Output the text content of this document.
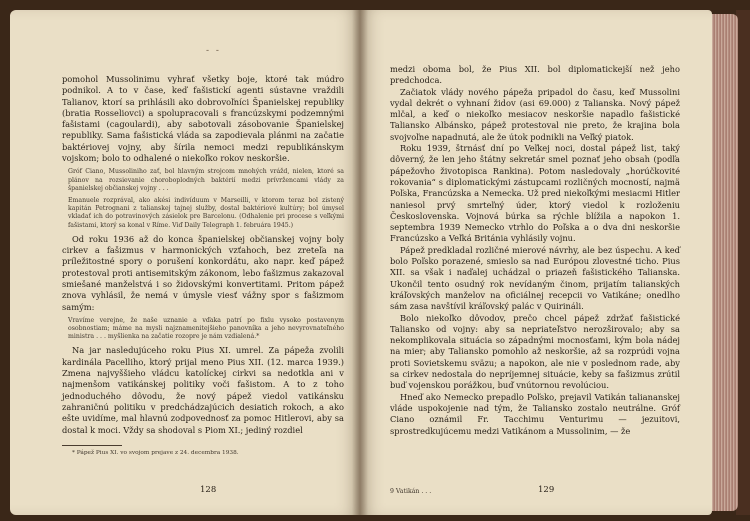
- -

pomohol Mussolinimu vyhrať všetky boje, ktoré tak múdro podnikol. A to v čase, keď fašistickí agenti sústavne vraždili Talianov, ktorí sa prihlásili ako dobrovoľníci Španielskej republiky (bratia Rosseliovci) a spolupracovali s francúzskymi podzemnými fašistami (cagoulardi), aby sabotovali zásobovanie Španielskej republiky. Sama fašistická vláda sa zapodievala plánmi na začatie baktériovej vojny, aby šírila nemoci medzi republikánskym vojskom; bolo to odhalené o niekoľko rokov neskoršie.

Gróf Ciano, Mussoliniho zať, bol hlavným strojcom mnohých vrážd, nielen, ktoré sa plánov na rozsievanie choroboplodných baktérií medzi prívržencami vlády za španielskej občianskej vojny . . .

Emanuele rozprával, ako akési indivíduum v Marseilli, v ktorom teraz bol zistený kapitán Petrognani z talianskej tajnej služby, dostal baktériové kultúry; bol úmysel vkladať ich do potravinových zásielok pre Barcelonu. (Odhalenie pri procese s veľkými fašistami, ktorý sa konal v Ríme. Viď Daily Telegraph 1. februára 1945.)

Od roku 1936 až do konca španielskej občianskej vojny boly cirkev a fašizmus v harmonických vzťahoch, bez zreteľa na príležitostné spory o porušení konkordátu, ako napr. keď pápež protestoval proti antisemitským zákonom, lebo fašizmus zakazoval smiešané manželstvá i so židovskými konvertitami. Pritom pápež znova vyhlásil, že nemá v úmysle viesť vážny spor s fašizmom samým:

Vravíme verejne, že naše uznanie a vďaka patrí po fixlu vysoko postavenym osobnostiam; máme na mysli najznamenitejšieho panovníka a jeho nevyrovnateľného ministra . . . myšlienka na začatie rozopre je nám vzdialená.*

Na jar nasledujúceho roku Pius XI. umrel. Za pápeža zvolili kardinála Pacelliho, ktorý prijal meno Pius XII. (12. marca 1939.) Zmena najvyššieho vládcu katolíckej cirkvi sa nedotkla ani v najmenšom vatikánskej politiky voči fašistom. A to z toho jednoduchého dôvodu, že nový pápež viedol vatikánsku zahraničnú politiku v predchádzajúcich desiatich rokoch, a ako ešte uvidíme, mal hlavnú zodpovednosť za pomoc Hitlerovi, aby sa dostal k moci. Vždy sa shodoval s Piom XI.; jediný rozdiel

* Pápež Pius XI. vo svojom prejave z 24. decembra 1938.

128

medzi oboma bol, že Pius XII. bol diplomatickejší než jeho predchodca.

Začiatok vlády nového pápeža pripadol do času, keď Mussolini vydal dekrét o vyhnaní židov (asi 69.000) z Talianska. Nový pápež mlčal, a keď o niekoľko mesiacov neskoršie napadlo fašistické Taliansko Albánsko, pápež protestoval nie preto, že krajina bola svojvoľne napadnutá, ale že útok podnikli na Veľký piatok.

Roku 1939, štrnásť dní po Veľkej noci, dostal pápež list, taký dôverný, že len jeho štátny sekretár smel poznať jeho obsah (podľa pápežovho životopisca Rankina). Potom nasledovaly „horúčkovité rokovania“ s diplomatickými zástupcami rozličných mocností, najmä Poľska, Francúzska a Nemecka. Už pred niekoľkými mesiacmi Hitler naniesol prvý smrteľný úder, ktorý viedol k rozloženiu Československa. Vojnová búrka sa rýchle blížila a napokon 1. septembra 1939 Nemecko vtrhlo do Poľska a o dva dni neskoršie Francúzsko a Veľká Británia vyhlásily vojnu.

Pápež predkladal rozličné mierové návrhy, ale bez úspechu. A keď bolo Poľsko porazené, smieslo sa nad Európou zlovestné ticho. Pius XII. sa však i naďalej uchádzal o priazeň fašistického Talianska. Ukončil tento osudný rok nevídaným činom, prijatím talianských kráľovských manželov na oficiálnej recepcii vo Vatikáne; onedlho sám zasa navštívil kráľovský palác v Quirináli.

Bolo niekoľko dôvodov, prečo chcel pápež zdržať fašistické Taliansko od vojny: aby sa nepriateľstvo nerozširovalo; aby sa nekomplikovala situácia so západnými mocnosťami, kým bola nádej na mier; aby Taliansko pomohlo až neskoršie, až sa rozprúdi vojna proti Sovietskemu sväzu; a napokon, ale nie v poslednom rade, aby sa cirkev nedostala do nepríjemnej situácie, keby sa fašizmus zrútil buď vojenskou porážkou, buď vnútornou revolúciou.

Hneď ako Nemecko prepadlo Poľsko, prejavil Vatikán taliananskej vláde uspokojenie nad tým, že Taliansko zostalo neutrálne. Gróf Ciano oznámil Fr. Tacchimu Venturimu — jezuitovi, sprostredkujúcemu medzi Vatikánom a Mussolinim, — že

9 Vatikán . . .	129
